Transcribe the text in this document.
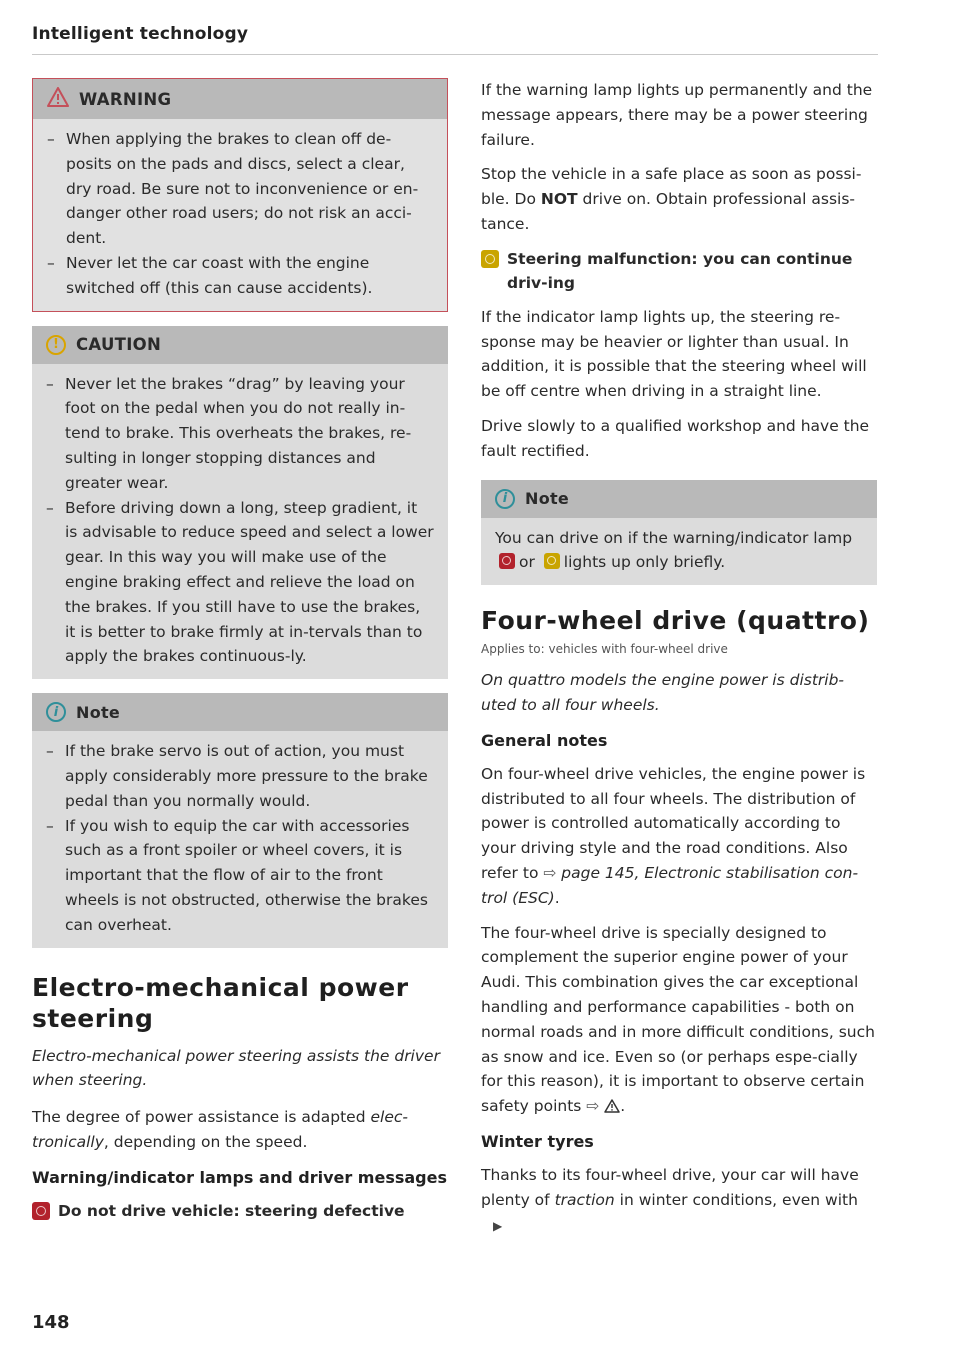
Intelligent technology
WARNING
– When applying the brakes to clean off de-posits on the pads and discs, select a clear, dry road. Be sure not to inconvenience or en-danger other road users; do not risk an acci-dent.
– Never let the car coast with the engine switched off (this can cause accidents).
!	CAUTION
– Never let the brakes “drag” by leaving your foot on the pedal when you do not really in-tend to brake. This overheats the brakes, re-sulting in longer stopping distances and greater wear.
– Before driving down a long, steep gradient, it is advisable to reduce speed and select a lower gear. In this way you will make use of the engine braking effect and relieve the load on the brakes. If you still have to use the brakes, it is better to brake firmly at in-tervals than to apply the brakes continuous-ly.
i	Note
– If the brake servo is out of action, you must apply considerably more pressure to the brake pedal than you normally would.
– If you wish to equip the car with accessories such as a front spoiler or wheel covers, it is important that the flow of air to the front wheels is not obstructed, otherwise the brakes can overheat.
Electro-mechanical power steering

Electro-mechanical power steering assists the driver when steering.

The degree of power assistance is adapted elec-tronically, depending on the speed.

Warning/indicator lamps and driver messages
Do not drive vehicle: steering defective

If the warning lamp lights up permanently and the message appears, there may be a power steering failure.

Stop the vehicle in a safe place as soon as possi-ble. Do NOT drive on. Obtain professional assis-tance.

Steering malfunction: you can continue driv-ing

If the indicator lamp lights up, the steering re-sponse may be heavier or lighter than usual. In addition, it is possible that the steering wheel will be off centre when driving in a straight line.

Drive slowly to a qualified workshop and have the fault rectified.

i	Note

You can drive on if the warning/indicator lamp or lights up only briefly.

Four-wheel drive (quattro)

Applies to: vehicles with four-wheel drive

On quattro models the engine power is distrib-uted to all four wheels.

General notes

On four-wheel drive vehicles, the engine power is distributed to all four wheels. The distribution of power is controlled automatically according to your driving style and the road conditions. Also refer to ⇨ page 145, Electronic stabilisation con-trol (ESC).

The four-wheel drive is specially designed to complement the superior engine power of your Audi. This combination gives the car exceptional handling and performance capabilities - both on normal roads and in more difficult conditions, such as snow and ice. Even so (or perhaps espe-cially for this reason), it is important to observe certain safety points ⇨ .

Winter tyres

Thanks to its four-wheel drive, your car will have plenty of traction in winter conditions, even with▶

148
